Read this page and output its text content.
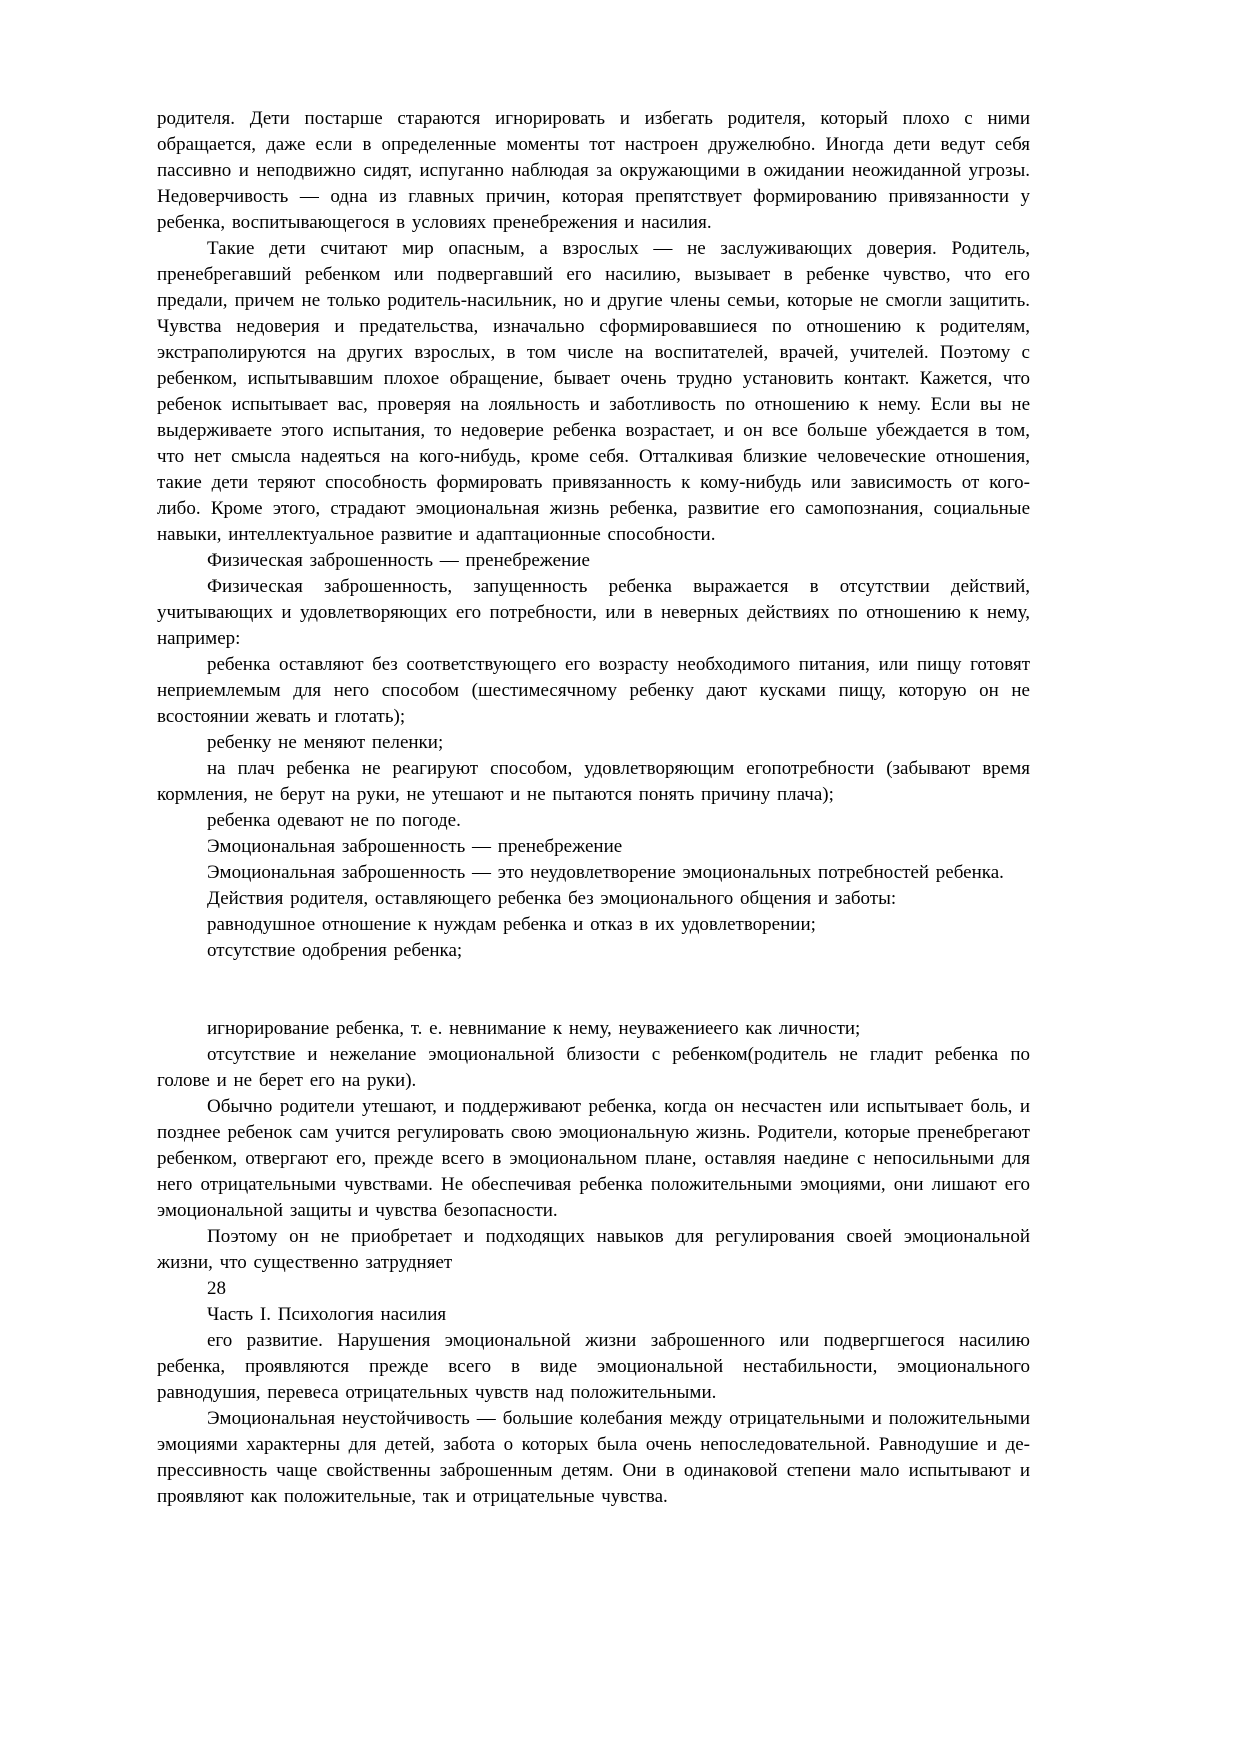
родителя. Дети постарше стараются игнорировать и избегать родителя, который плохо с ними обращается, даже если в определенные моменты тот настроен дружелюбно. Иногда дети ведут себя пассивно и неподвижно сидят, испуганно наблюдая за окружающими в ожидании неожиданной угрозы. Недоверчивость — одна из главных причин, которая препятствует формированию привязанности у ребенка, воспитывающегося в условиях пренебрежения и насилия.

Такие дети считают мир опасным, а взрослых — не заслуживающих доверия. Родитель, пренебрегавший ребенком или подвергавший его насилию, вызывает в ребенке чувство, что его предали, причем не только родитель-насильник, но и другие члены семьи, которые не смогли защитить. Чувства недоверия и предательства, изначально сформировавшиеся по отношению к родителям, экстраполируются на других взрослых, в том числе на воспитателей, врачей, учителей. Поэтому с ребенком, испытывавшим плохое обращение, бывает очень трудно установить контакт. Кажется, что ребенок испытывает вас, проверяя на лояльность и заботливость по отношению к нему. Если вы не выдерживаете этого испытания, то недоверие ребенка возрастает, и он все больше убеждается в том, что нет смысла надеяться на кого-нибудь, кроме себя. Отталкивая близкие человеческие отношения, такие дети теряют способность формировать привязанность к кому-нибудь или зависимость от кого-либо. Кроме этого, страдают эмоциональная жизнь ребенка, развитие его самопознания, социальные навыки, интеллектуальное развитие и адаптационные способности.

Физическая заброшенность — пренебрежение

Физическая заброшенность, запущенность ребенка выражается в отсутствии действий, учитывающих и удовлетворяющих его потребности, или в неверных действиях по отношению к нему, например:

ребенка оставляют без соответствующего его возрасту необходимого питания, или пищу готовят неприемлемым для него способом (шестимесячному ребенку дают кусками пищу, которую он не всостоянии жевать и глотать);

ребенку не меняют пеленки;

на плач ребенка не реагируют способом, удовлетворяющим егопотребности (забывают время кормления, не берут на руки, не утешают и не пытаются понять причину плача);

ребенка одевают не по погоде.

Эмоциональная заброшенность — пренебрежение

Эмоциональная заброшенность — это неудовлетворение эмоциональных потребностей ребенка.

Действия родителя, оставляющего ребенка без эмоционального общения и заботы:

равнодушное отношение к нуждам ребенка и отказ в их удовлетворении;

отсутствие одобрения ребенка;

игнорирование ребенка, т. е. невнимание к нему, неуважениеего как личности;

отсутствие и нежелание эмоциональной близости с ребенком(родитель не гладит ребенка по голове и не берет его на руки).

Обычно родители утешают, и поддерживают ребенка, когда он несчастен или испытывает боль, и позднее ребенок сам учится регулировать свою эмоциональную жизнь. Родители, которые пренебрегают ребенком, отвергают его, прежде всего в эмоциональном плане, оставляя наедине с непосильными для него отрицательными чувствами. Не обеспечивая ребенка положительными эмоциями, они лишают его эмоциональной защиты и чувства безопасности.

Поэтому он не приобретает и подходящих навыков для регулирования своей эмоциональной жизни, что существенно затрудняет

28

Часть I. Психология насилия

его развитие. Нарушения эмоциональной жизни заброшенного или подвергшегося насилию ребенка, проявляются прежде всего в виде эмоциональной нестабильности, эмоционального равнодушия, перевеса отрицательных чувств над положительными.

Эмоциональная неустойчивость — большие колебания между отрицательными и положительными эмоциями характерны для детей, забота о которых была очень непоследовательной. Равнодушие и де-прессивность чаще свойственны заброшенным детям. Они в одинаковой степени мало испытывают и проявляют как положительные, так и отрицательные чувства.
